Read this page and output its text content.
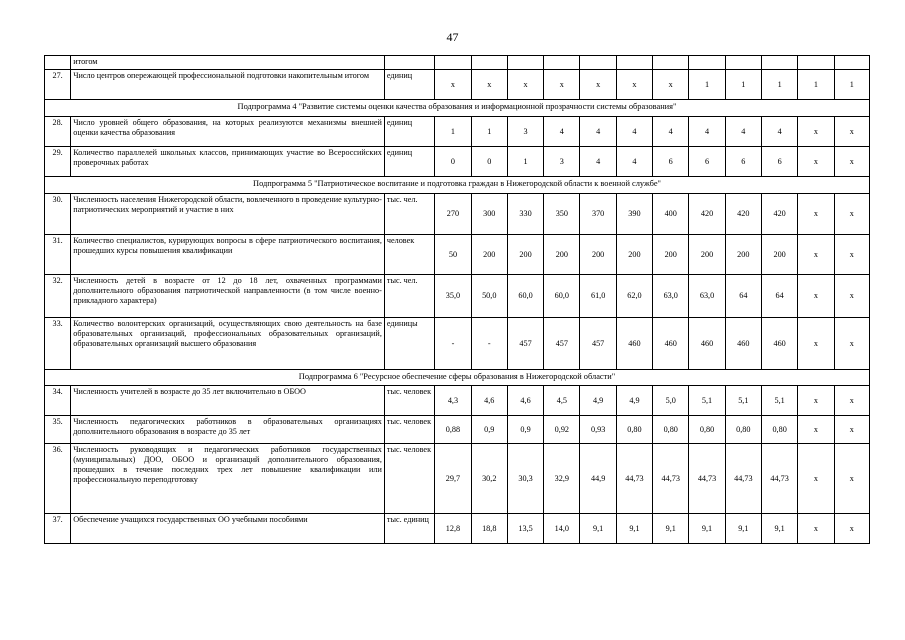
47
	итогом													
27.	Число центров опережающей профессиональной подготовки накопительным итогом	единиц	x	x	x	x	x	x	x	1	1	1	1	1
Подпрограмма 4 "Развитие системы оценки качества образования и информационной прозрачности системы образования"														
28.	Число уровней общего образования, на которых реализуются механизмы внешней оценки качества образования	единиц	1	1	3	4	4	4	4	4	4	4	x	x
29.	Количество параллелей школьных классов, принимающих участие во Всероссийских проверочных работах	единиц	0	0	1	3	4	4	6	6	6	6	x	x
Подпрограмма 5 "Патриотическое воспитание и подготовка граждан в Нижегородской области к военной службе"														
30.	Численность населения Нижегородской области, вовлеченного в проведение культурно-патриотических мероприятий и участие в них	тыс. чел.	270	300	330	350	370	390	400	420	420	420	x	x
31.	Количество специалистов, курирующих вопросы в сфере патриотического воспитания, прошедших курсы повышения квалификации	человек	50	200	200	200	200	200	200	200	200	200	x	x
32.	Численность детей в возрасте от 12 до 18 лет, охваченных программами дополнительного образования патриотической направленности (в том числе военно-прикладного характера)	тыс. чел.	35,0	50,0	60,0	60,0	61,0	62,0	63,0	63,0	64	64	x	x
33.	Количество волонтерских организаций, осуществляющих свою деятельность на базе образовательных организаций, профессиональных образовательных организаций, образовательных организаций высшего образования	единицы	-	-	457	457	457	460	460	460	460	460	x	x
Подпрограмма 6 "Ресурсное обеспечение сферы образования в Нижегородской области"														
34.	Численность учителей в возрасте до 35 лет включительно в ОБОО	тыс. человек	4,3	4,6	4,6	4,5	4,9	4,9	5,0	5,1	5,1	5,1	x	x
35.	Численность педагогических работников в образовательных организациях дополнительного образования в возрасте до 35 лет	тыс. человек	0,88	0,9	0,9	0,92	0,93	0,80	0,80	0,80	0,80	0,80	x	x
36.	Численность руководящих и педагогических работников государственных (муниципальных) ДОО, ОБОО и организаций дополнительного образования, прошедших в течение последних трех лет повышение квалификации или профессиональную переподготовку	тыс. человек	29,7	30,2	30,3	32,9	44,9	44,73	44,73	44,73	44,73	44,73	x	x
37.	Обеспечение учащихся государственных ОО учебными пособиями	тыс. единиц	12,8	18,8	13,5	14,0	9,1	9,1	9,1	9,1	9,1	9,1	x	x
